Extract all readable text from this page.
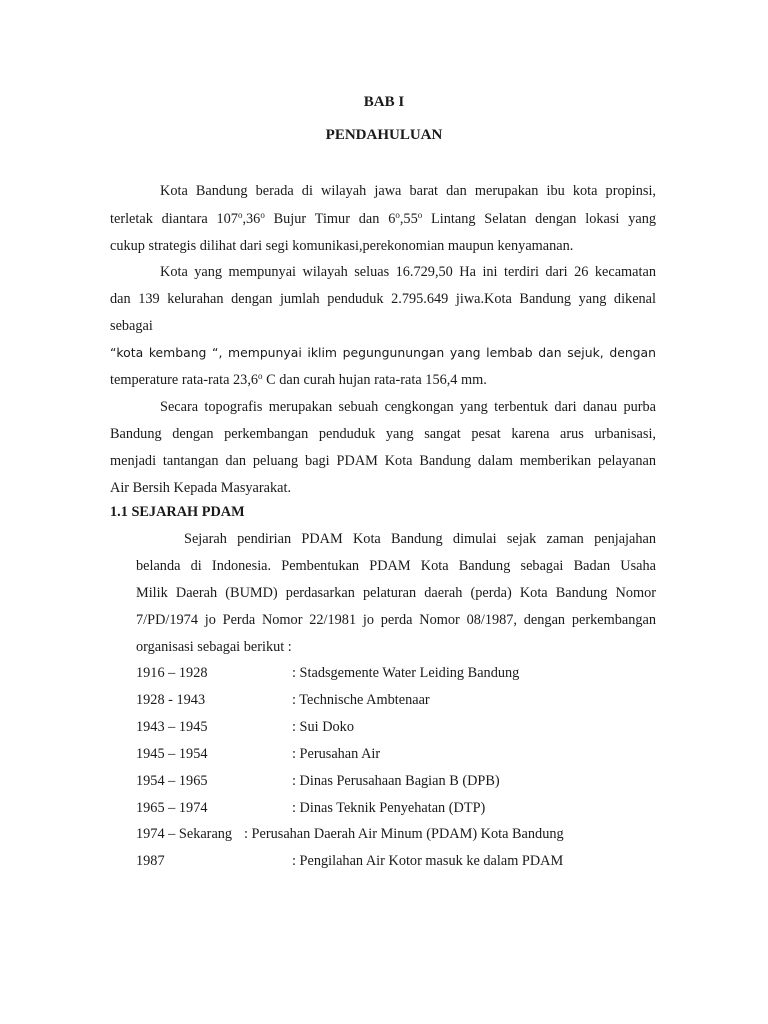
BAB I

PENDAHULUAN

Kota Bandung berada di wilayah jawa barat dan merupakan ibu kota propinsi,

terletak diantara 107$^o$,36$^o$ Bujur Timur dan 6$^o$,55$^o$ Lintang Selatan dengan lokasi yang

cukup strategis dilihat dari segi komunikasi,perekonomian maupun kenyamanan.

Kota yang mempunyai wilayah seluas 16.729,50 Ha ini terdiri dari 26 kecamatan

dan 139 kelurahan dengan jumlah penduduk 2.795.649 jiwa.Kota Bandung yang dikenal

sebagai

“kota kembang “, mempunyai iklim pegungunungan yang lembab dan sejuk, dengan

temperature rata-rata 23,6$^o$ C dan curah hujan rata-rata 156,4 mm.

Secara topografis merupakan sebuah cengkongan yang terbentuk dari danau purba

Bandung dengan perkembangan penduduk yang sangat pesat karena arus urbanisasi,

menjadi tantangan dan peluang bagi PDAM Kota Bandung dalam memberikan pelayanan

Air Bersih Kepada Masyarakat.

1.1 SEJARAH PDAM

Sejarah pendirian PDAM Kota Bandung dimulai sejak zaman penjajahan

belanda di Indonesia. Pembentukan PDAM Kota Bandung sebagai Badan Usaha

Milik Daerah (BUMD) perdasarkan pelaturan daerah (perda) Kota Bandung Nomor

7/PD/1974 jo Perda Nomor 22/1981 jo perda Nomor 08/1987, dengan perkembangan

organisasi sebagai berikut :

1916 – 1928	: Stadsgemente Water Leiding Bandung
1928 - 1943	: Technische Ambtenaar
1943 – 1945	: Sui Doko
1945 – 1954	: Perusahan Air
1954 – 1965	: Dinas Perusahaan Bagian B (DPB)
1965 – 1974	: Dinas Teknik Penyehatan (DTP)
1974 – Sekarang : Perusahan Daerah Air Minum (PDAM) Kota Bandung
1987	: Pengilahan Air Kotor masuk ke dalam PDAM
